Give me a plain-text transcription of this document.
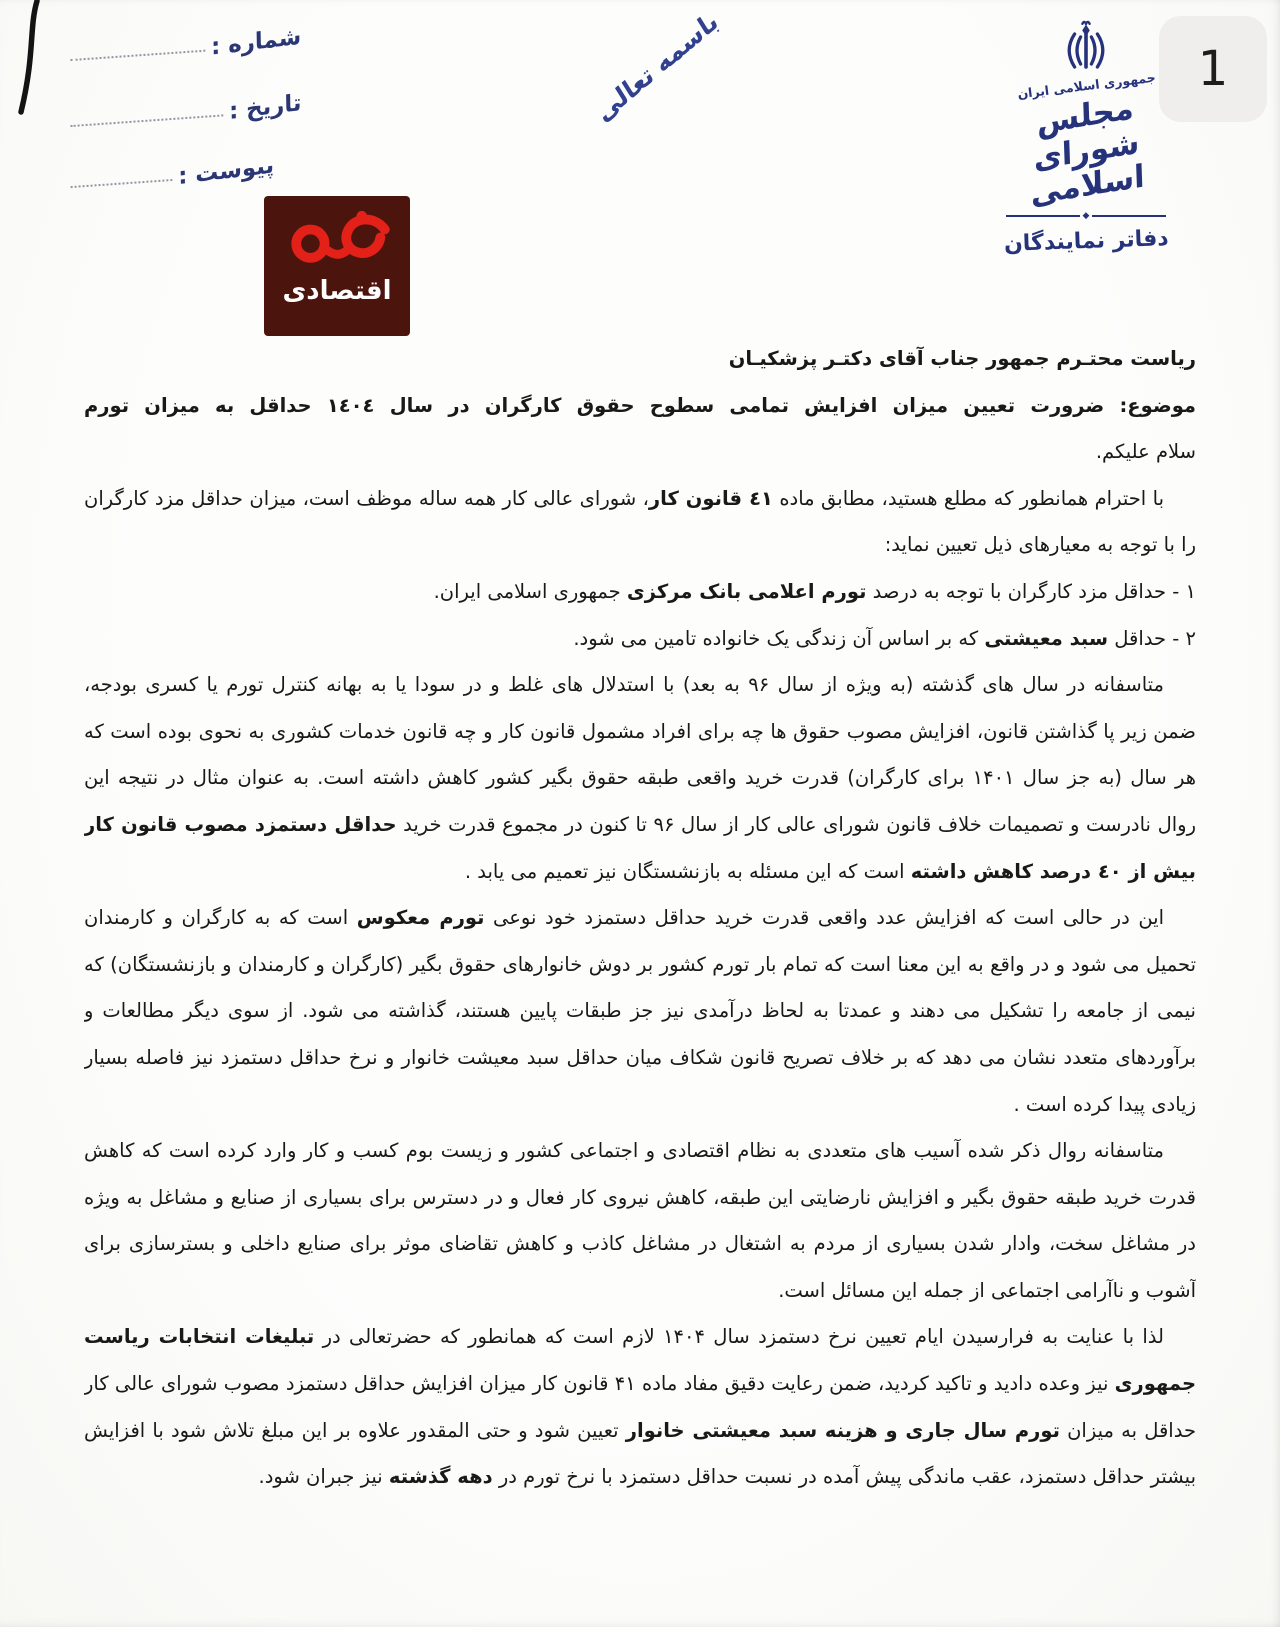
شماره :
تاریخ :
پیوست :
باسمه تعالی	جمهوری اسلامی ایران
مجلس شورای اسلامی
◆
دفاتر نمایندگان
1
اقتصادی
ریاست محتـرم جمهور جناب آقای دکتـر پزشکیـان
موضوع: ضرورت تعیین میزان افزایش تمامی سطوح حقوق کارگران در سال ١٤٠٤ حداقل به میزان تورم
سلام علیکم.
با احترام همانطور که مطلع هستید، مطابق ماده ٤١ قانون کار، شورای عالی کار همه ساله موظف است، میزان حداقل مزد کارگران
را با توجه به معیارهای ذیل تعیین نماید:
١ - حداقل مزد کارگران با توجه به درصد تورم اعلامی بانک مرکزی جمهوری اسلامی ایران.
٢ - حداقل سبد معیشتی که بر اساس آن زندگی یک خانواده تامین می شود.
متاسفانه در سال های گذشته (به ویژه از سال ۹۶ به بعد) با استدلال های غلط و در سودا یا به بهانه کنترل تورم یا کسری بودجه،
ضمن زیر پا گذاشتن قانون، افزایش مصوب حقوق ها چه برای افراد مشمول قانون کار و چه قانون خدمات کشوری به نحوی بوده است که
هر سال (به جز سال ۱۴۰۱ برای کارگران) قدرت خرید واقعی طبقه حقوق بگیر کشور کاهش داشته است. به عنوان مثال در نتیجه این
روال نادرست و تصمیمات خلاف قانون شورای عالی کار از سال ۹۶ تا کنون در مجموع قدرت خرید حداقل دستمزد مصوب قانون کار
بیش از ٤٠ درصد کاهش داشته است که این مسئله به بازنشستگان نیز تعمیم می یابد .
این در حالی است که افزایش عدد واقعی قدرت خرید حداقل دستمزد خود نوعی تورم معکوس است که به کارگران و کارمندان
تحمیل می شود و در واقع به این معنا است که تمام بار تورم کشور بر دوش خانوارهای حقوق بگیر (کارگران و کارمندان و بازنشستگان) که
نیمی از جامعه را تشکیل می دهند و عمدتا به لحاظ درآمدی نیز جز طبقات پایین هستند، گذاشته می شود. از سوی دیگر مطالعات و
برآوردهای متعدد نشان می دهد که بر خلاف تصریح قانون شکاف میان حداقل سبد معیشت خانوار و نرخ حداقل دستمزد نیز فاصله بسیار
زیادی پیدا کرده است .
متاسفانه روال ذکر شده آسیب های متعددی به نظام اقتصادی و اجتماعی کشور و زیست بوم کسب و کار وارد کرده است که کاهش
قدرت خرید طبقه حقوق بگیر و افزایش نارضایتی این طبقه، کاهش نیروی کار فعال و در دسترس برای بسیاری از صنایع و مشاغل به ویژه
در مشاغل سخت، وادار شدن بسیاری از مردم به اشتغال در مشاغل کاذب و کاهش تقاضای موثر برای صنایع داخلی و بسترسازی برای
آشوب و ناآرامی اجتماعی از جمله این مسائل است.
لذا با عنایت به فرارسیدن ایام تعیین نرخ دستمزد سال ۱۴۰۴ لازم است که همانطور که حضرتعالی در تبلیغات انتخابات ریاست
جمهوری نیز وعده دادید و تاکید کردید، ضمن رعایت دقیق مفاد ماده ۴۱ قانون کار میزان افزایش حداقل دستمزد مصوب شورای عالی کار
حداقل به میزان تورم سال جاری و هزینه سبد معیشتی خانوار تعیین شود و حتی المقدور علاوه بر این مبلغ تلاش شود با افزایش
بیشتر حداقل دستمزد، عقب ماندگی پیش آمده در نسبت حداقل دستمزد با نرخ تورم در دهه گذشته نیز جبران شود.
